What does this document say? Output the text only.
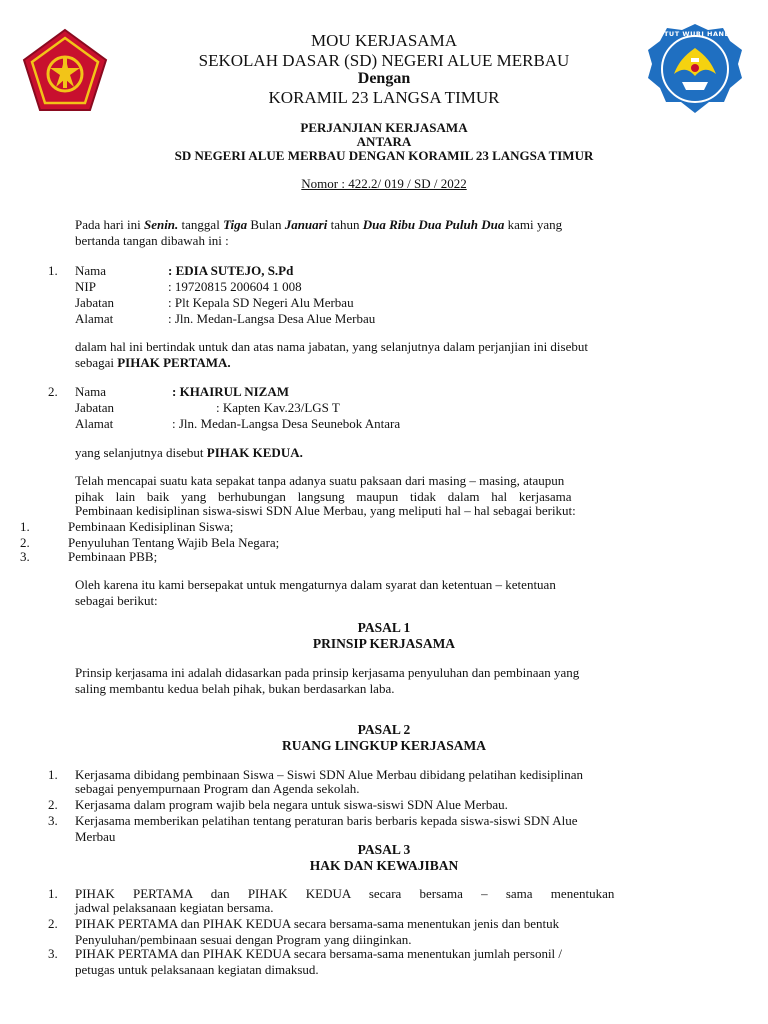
TUT WURI HANDAYANI
MOU KERJASAMA
SEKOLAH DASAR (SD) NEGERI ALUE MERBAU
Dengan
KORAMIL 23 LANGSA TIMUR
PERJANJIAN KERJASAMA
ANTARA
SD NEGERI ALUE MERBAU DENGAN KORAMIL 23 LANGSA TIMUR
Nomor : 422.2/ 019 / SD / 2022
Pada hari ini Senin. tanggal Tiga Bulan Januari tahun Dua Ribu Dua Puluh Dua kami yang
bertanda tangan dibawah ini :
1. Nama	: EDIA SUTEJO, S.Pd
NIP	: 19720815 200604 1 008
Jabatan	: Plt Kepala SD Negeri Alu Merbau
Alamat	: Jln. Medan-Langsa Desa Alue Merbau
dalam hal ini bertindak untuk dan atas nama jabatan, yang selanjutnya dalam perjanjian ini disebut
sebagai PIHAK PERTAMA.
2. Nama	: KHAIRUL NIZAM
Jabatan	: Kapten Kav.23/LGS T
Alamat	: Jln. Medan-Langsa Desa Seunebok Antara
yang selanjutnya disebut PIHAK KEDUA.
Telah mencapai suatu kata sepakat tanpa adanya suatu paksaan dari masing – masing, ataupun
pihak lain baik yang berhubungan langsung maupun tidak dalam hal kerjasama
Pembinaan kedisiplinan siswa-siswi SDN Alue Merbau, yang meliputi hal – hal sebagai berikut:
1.	Pembinaan Kedisiplinan Siswa;
2.	Penyuluhan Tentang Wajib Bela Negara;
3.	Pembinaan PBB;
Oleh karena itu kami bersepakat untuk mengaturnya dalam syarat dan ketentuan – ketentuan
sebagai berikut:
PASAL 1
PRINSIP KERJASAMA
Prinsip kerjasama ini adalah didasarkan pada prinsip kerjasama penyuluhan dan pembinaan yang
saling membantu kedua belah pihak, bukan berdasarkan laba.
PASAL 2
RUANG LINGKUP KERJASAMA
1. Kerjasama dibidang pembinaan Siswa – Siswi SDN Alue Merbau dibidang pelatihan kedisiplinan
sebagai penyempurnaan Program dan Agenda sekolah.
2. Kerjasama dalam program wajib bela negara untuk siswa-siswi SDN Alue Merbau.
3. Kerjasama memberikan pelatihan tentang peraturan baris berbaris kepada siswa-siswi SDN Alue
Merbau
PASAL 3
HAK DAN KEWAJIBAN
1. PIHAK PERTAMA dan PIHAK KEDUA secara bersama – sama menentukan
jadwal pelaksanaan kegiatan bersama.
2. PIHAK PERTAMA dan PIHAK KEDUA secara bersama-sama menentukan jenis dan bentuk
Penyuluhan/pembinaan sesuai dengan Program yang diinginkan.
3. PIHAK PERTAMA dan PIHAK KEDUA secara bersama-sama menentukan jumlah personil /
petugas untuk pelaksanaan kegiatan dimaksud.
